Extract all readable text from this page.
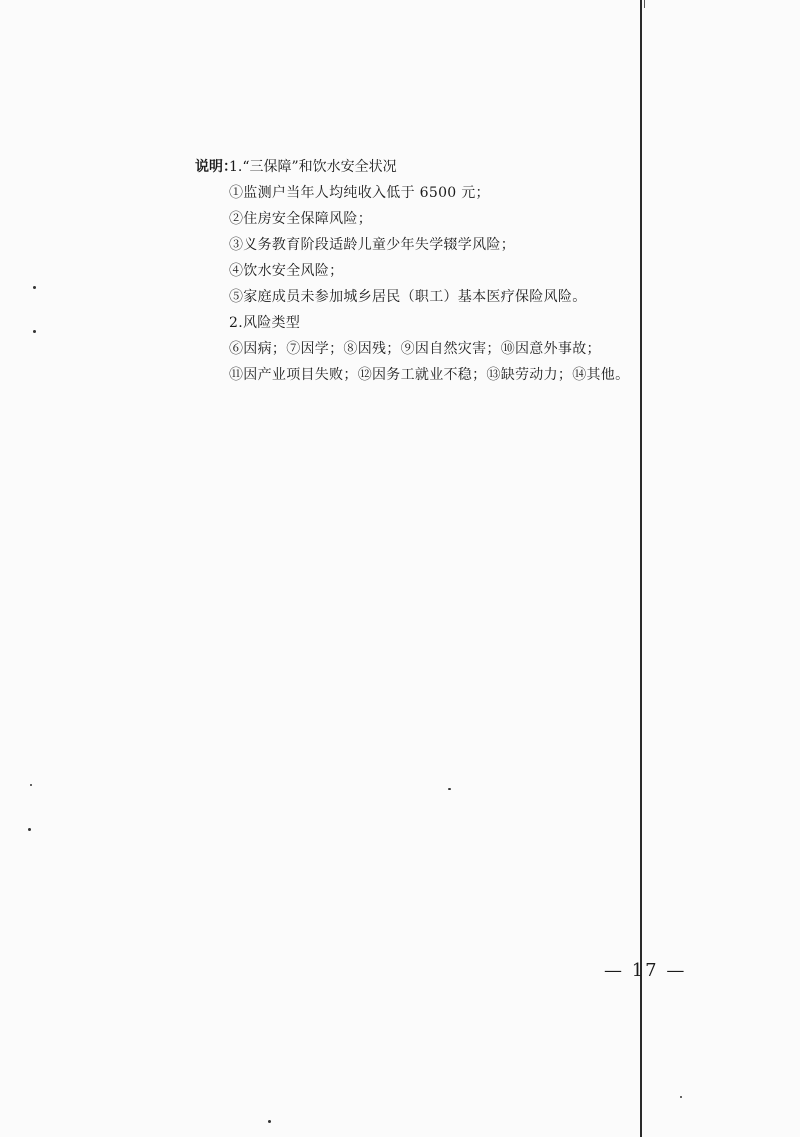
说明：
1.“三保障”和饮水安全状况
①监测户当年人均纯收入低于 6500 元；
②住房安全保障风险；
③义务教育阶段适龄儿童少年失学辍学风险；
④饮水安全风险；
⑤家庭成员未参加城乡居民（职工）基本医疗保险风险。
2.风险类型
⑥因病；⑦因学；⑧因残；⑨因自然灾害；⑩因意外事故；
⑪因产业项目失败；⑫因务工就业不稳；⑬缺劳动力；⑭其他。
— 17 —
